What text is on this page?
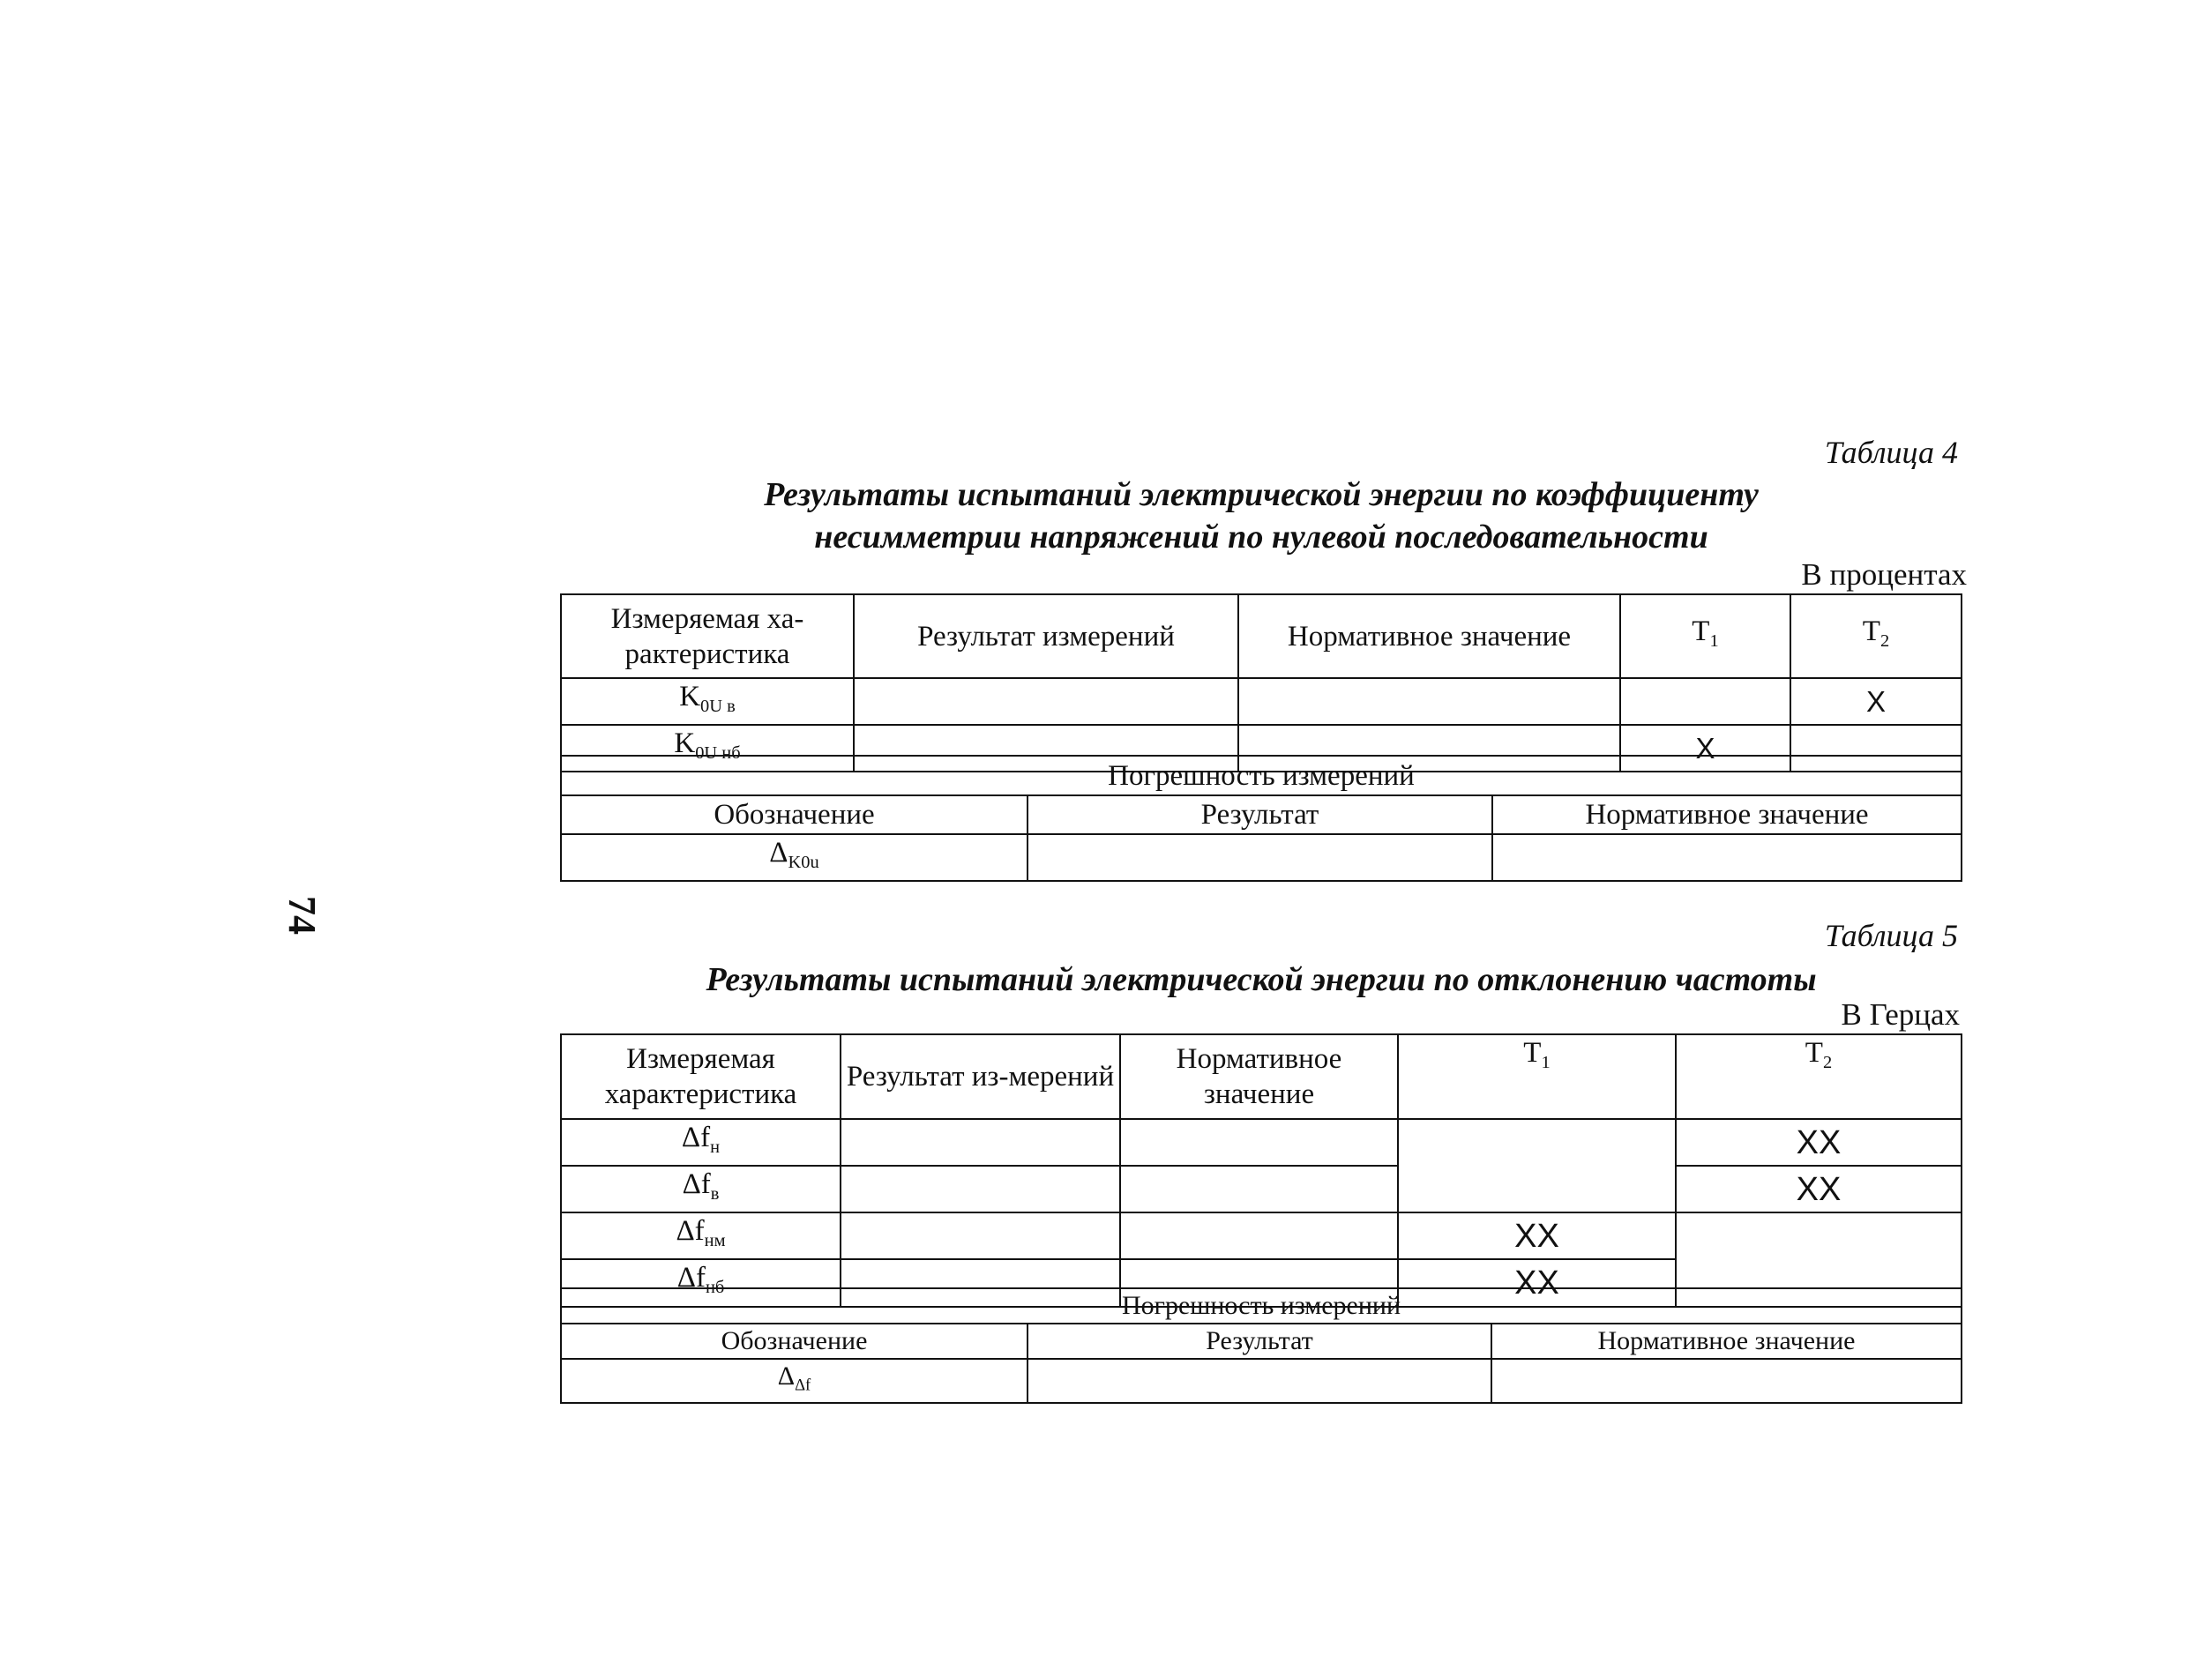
74
Таблица 4
Результаты испытаний электрической энергии по коэффициенту
несимметрии напряжений по нулевой последовательности
В процентах
Измеряемая ха-рактеристика	Результат измерений	Нормативное значение	$T_1$	$T_2$
$K_{0U в}$				X
$K_{0U нб}$			X	
Погрешность измерений		
Обозначение	Результат	Нормативное значение
$\Delta_{K0u}$		
Таблица 5
Результаты испытаний электрической энергии по отклонению частоты
В Герцах
Измеряемая характеристика	Результат из-мерений	Нормативное значение	$T_1$	$T_2$
$\Delta f_н$				XX
$\Delta f_в$				XX
$\Delta f_{нм}$			XX	
$\Delta f_{нб}$			XX	
Погрешность измерений		
Обозначение	Результат	Нормативное значение
$\Delta_{\Delta f}$		
